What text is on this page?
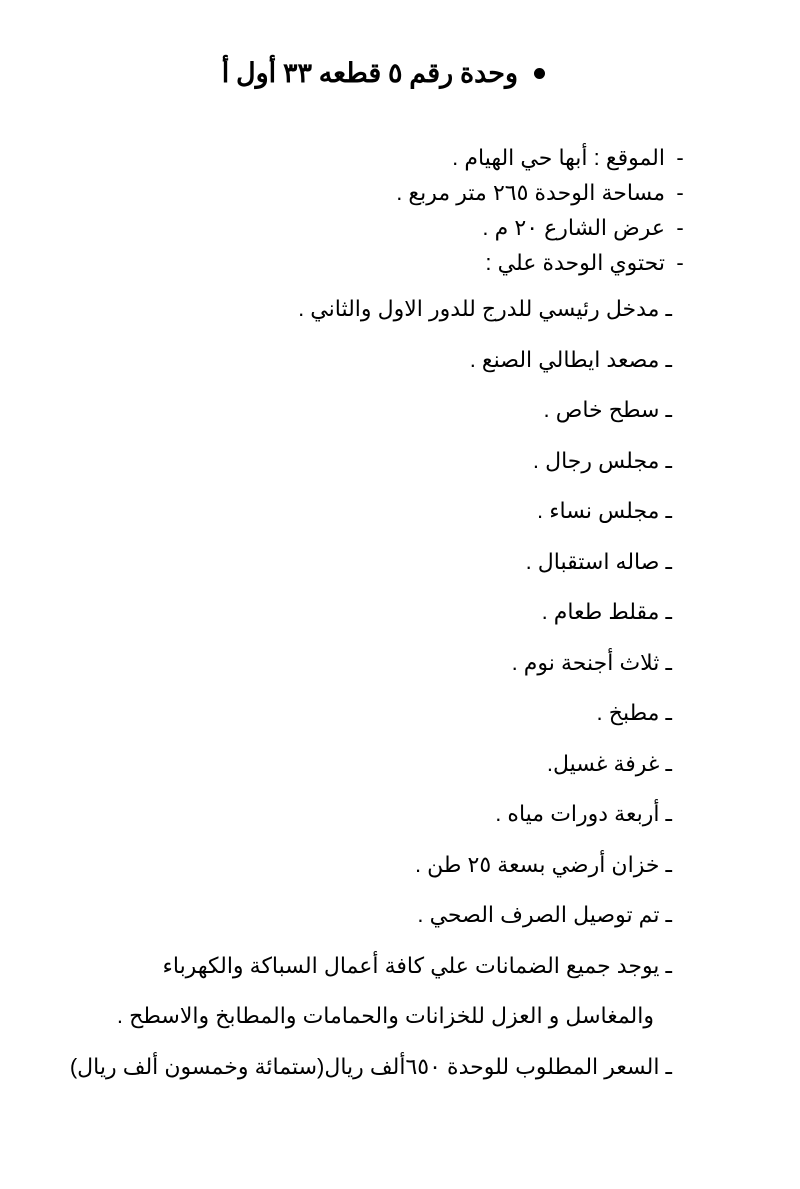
وحدة رقم ٥ قطعه ٣٣ أول أ
-
الموقع : أبها حي الهيام .
-
مساحة الوحدة ٢٦٥ متر مربع .
-
عرض الشارع ٢٠ م .
-
تحتوي الوحدة علي :
ـ مدخل رئيسي للدرج للدور الاول والثاني .
ـ مصعد ايطالي الصنع .
ـ سطح خاص .
ـ مجلس رجال .
ـ مجلس نساء .
ـ صاله استقبال .
ـ مقلط طعام .
ـ ثلاث أجنحة نوم .
ـ مطبخ .
ـ غرفة غسيل.
ـ أربعة دورات مياه .
ـ خزان أرضي بسعة ٢٥ طن .
ـ تم توصيل الصرف الصحي .
ـ يوجد جميع الضمانات علي كافة أعمال السباكة والكهرباء
والمغاسل و العزل للخزانات والحمامات والمطابخ والاسطح .
ـ السعر المطلوب للوحدة ٦٥٠ألف ريال(ستمائة وخمسون ألف ريال)
